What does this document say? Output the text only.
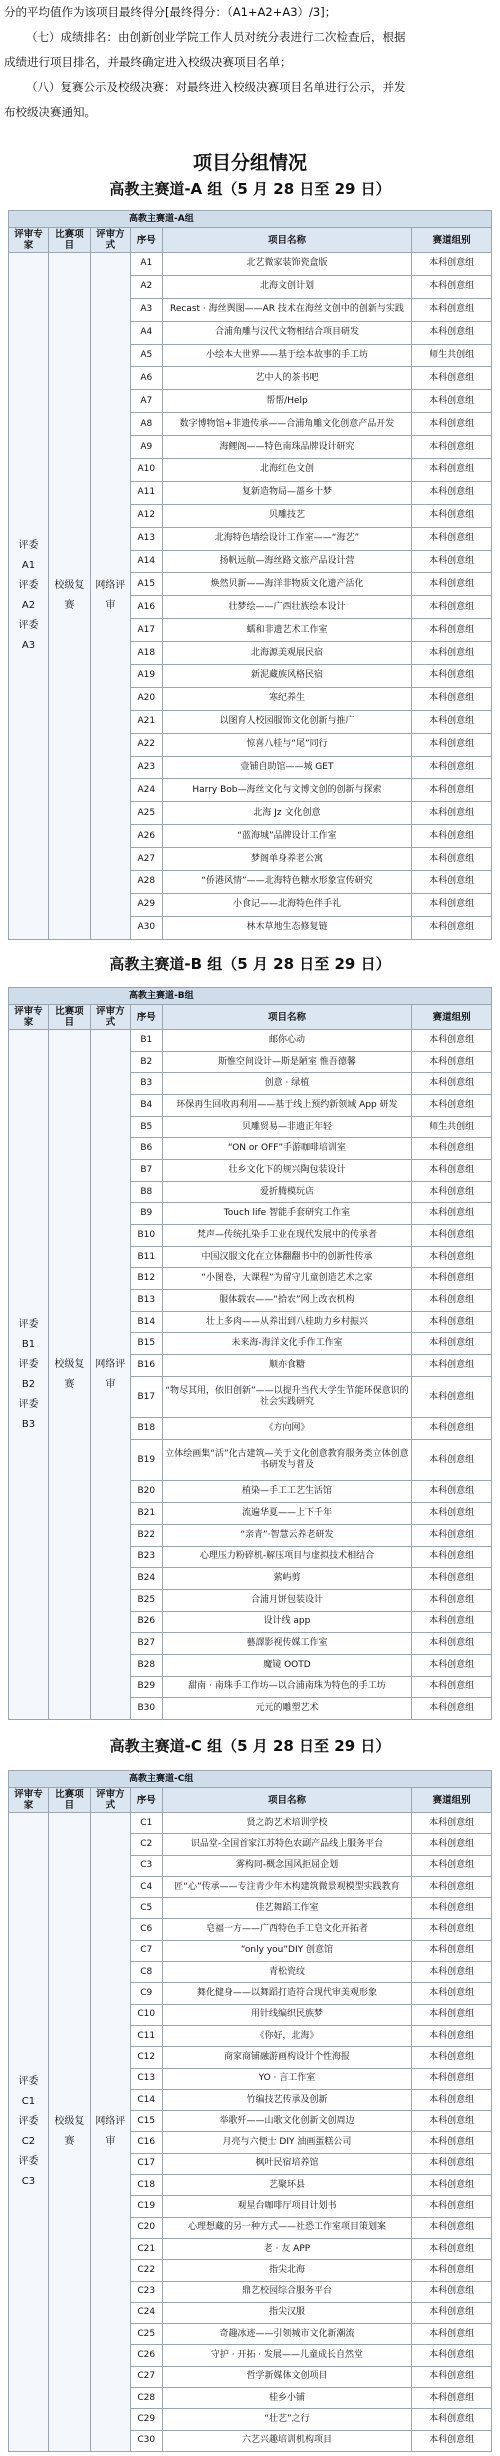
分的平均值作为该项目最终得分[最终得分：（A1+A2+A3）/3]；

（七）成绩排名：由创新创业学院工作人员对统分表进行二次检查后，根据

成绩进行项目排名，并最终确定进入校级决赛项目名单；

（八）复赛公示及校级决赛：对最终进入校级决赛项目名单进行公示，并发

布校级决赛通知。

项目分组情况
高教主赛道-A 组（5 月 28 日至 29 日）
高教主赛道-A组					
评审专家	比赛项目	评审方式	序号	项目名称	赛道组别

评委 A1
评委 A2
评委 A3	校级复赛	网络评审	A1	北艺微家装饰瓷盒版	本科创意组
			A2	北海文创计划	本科创意组
			A3	Recast · 海丝舆图——AR 技术在海丝文创中的创新与实践	本科创意组
			A4	合浦角雕与汉代文物相结合项目研发	本科创意组
			A5	小绘本大世界——基于绘本故事的手工坊	师生共创组
			A6	艺中人的茶书吧	本科创意组
			A7	帮帮/Help	本科创意组
			A8	数字博物馆+非遗传承——合浦角雕文化创意产品开发	本科创意组
			A9	海鲤阁——特色南珠品牌设计研究	本科创意组
			A10	北海红色文创	本科创意组
			A11	复新造物局—蔷乡十梦	本科创意组
			A12	贝雕技艺	本科创意组
			A13	北海特色墙绘设计工作室——“海艺”	本科创意组
			A14	扬帆远航—海丝路文旅产品设计营	本科创意组
			A15	焕然贝新——海洋非物质文化遗产活化	本科创意组
			A16	壮梦绘——广西壮族绘本设计	本科创意组
			A17	蠕和非遗艺术工作室	本科创意组
			A18	北海源美观展民宿	本科创意组
			A19	新泥藏族风格民宿	本科创意组
			A20	寒纪养生	本科创意组
			A21	以图育人校园服饰文化创新与推广	本科创意组
			A22	惊喜八桂与“尾”同行	本科创意组
			A23	壹铺自助馆——城 GET	本科创意组
			A24	Harry Bob—海丝文化与文博文创的创新与探索	本科创意组
			A25	北海 Jz 文化创意	本科创意组
			A26	“蓝海城”品牌设计工作室	本科创意组
			A27	梦阁单身养老公寓	本科创意组
			A28	“侨港风情”——北海特色糖水形象宣传研究	本科创意组
			A29	小食记——北海特色伴手礼	本科创意组
			A30	林木草地生态修复链	本科创意组
高教主赛道-B 组（5 月 28 日至 29 日）
高教主赛道-B组					
评审专家	比赛项目	评审方式	序号	项目名称	赛道组别

评委 B1
评委 B2
评委 B3	校级复赛	网络评审	B1	邮你心动	本科创意组
			B2	斯惟空间设计—斯是陋室 惟吾德馨	本科创意组
			B3	创意 · 绿植	本科创意组
			B4	环保再生回收再利用——基于线上预约新领域 App 研发	本科创意组
			B5	贝雕贸易—非遗正年轻	师生共创组
			B6	“ON or OFF”手游咖啡培训室	本科创意组
			B7	壮乡文化下的规兴陶包装设计	本科创意组
			B8	爱折腾模玩店	本科创意组
			B9	Touch life 智能手套研究工作室	本科创意组
			B10	梵声—传统扎染手工业在现代发展中的传承者	本科创意组
			B11	中国汉服文化在立体翻翻书中的创新性传承	本科创意组
			B12	“小图卷，大课程”为留守儿童创造艺术之家	本科创意组
			B13	服体载农——“拾农”网上改衣机构	本科创意组
			B14	壮上多肉——从养出到八桂助力乡村振兴	本科创意组
			B15	未来海-海洋文化手作工作室	本科创意组
			B16	顺亦食糖	本科创意组
			B17	“物尽其用，依旧创新”——以提升当代大学生节能环保意识的社会实践研究	本科创意组
			B18	《方向网》	本科创意组
			B19	立体绘画集“活”化古建筑—关于文化创意教育服务类立体创意书研发与普及	本科创意组
			B20	植染—手工工艺生活馆	本科创意组
			B21	流遍华夏——上下千年	本科创意组
			B22	“亲青”·智慧云养老研发	本科创意组
			B23	心理压力粉碎机-解压项目与虚拟技术相结合	本科创意组
			B24	萦屿剪	本科创意组
			B25	合浦月饼包装设计	本科创意组
			B26	设计线 app	本科创意组
			B27	藝譯影视传媒工作室	本科创意组
			B28	魔镜 OOTD	本科创意组
			B29	甜南 · 南珠手工作坊—以合浦南珠为特色的手工坊	本科创意组
			B30	元元的雕塑艺术	本科创意组
高教主赛道-C 组（5 月 28 日至 29 日）
高教主赛道-C组					
评审专家	比赛项目	评审方式	序号	项目名称	赛道组别

评委 C1
评委 C2
评委 C3	校级复赛	网络评审	C1	贤之韵艺术培训学校	本科创意组
			C2	识品堂-全国首家江苏特色农副产品线上服务平台	本科创意组
			C3	雾构同-概念国风拒屈企划	本科创意组
			C4	匠“心”传承——专注青少年木构建筑微景观模型实践教育	本科创意组
			C5	佳艺舞蹈工作室	本科创意组
			C6	皂福一方——广西特色手工皂文化开拓者	本科创意组
			C7	“only you”DIY 创意馆	本科创意组
			C8	青松瓷纹	本科创意组
			C9	舞化健身——以舞蹈打造符合现代审美观形象	本科创意组
			C10	用针线编织民族梦	本科创意组
			C11	《你好，北海》	本科创意组
			C12	商家商铺融游画构设计个性海报	本科创意组
			C13	YO · 言工作室	本科创意组
			C14	竹编技艺传承及创新	本科创意组
			C15	举歌歼——山歌文化创新文创周边	本科创意组
			C16	月亮与六便士 DIY 油画蛋糕公司	本科创意组
			C17	枫叶民宿培养馆	本科创意组
			C18	艺聚环县	本科创意组
			C19	观星台咖啡厅项目计划书	本科创意组
			C20	心理想藏的另一种方式——社恐工作室项目策划案	本科创意组
			C21	老 · 友 APP	本科创意组
			C22	指尖北海	本科创意组
			C23	鼎艺校园综合服务平台	本科创意组
			C24	指尖汉服	本科创意组
			C25	奇趣冰迹——引领城市文化新潮流	本科创意组
			C26	守护 · 开拓 · 发展——儿童成长自然堂	本科创意组
			C27	哲学新媒体文创项目	本科创意组
			C28	桂乡小铺	本科创意组
			C29	“壮艺”之行	本科创意组
			C30	六艺兴趣培训机构项目	本科创意组
